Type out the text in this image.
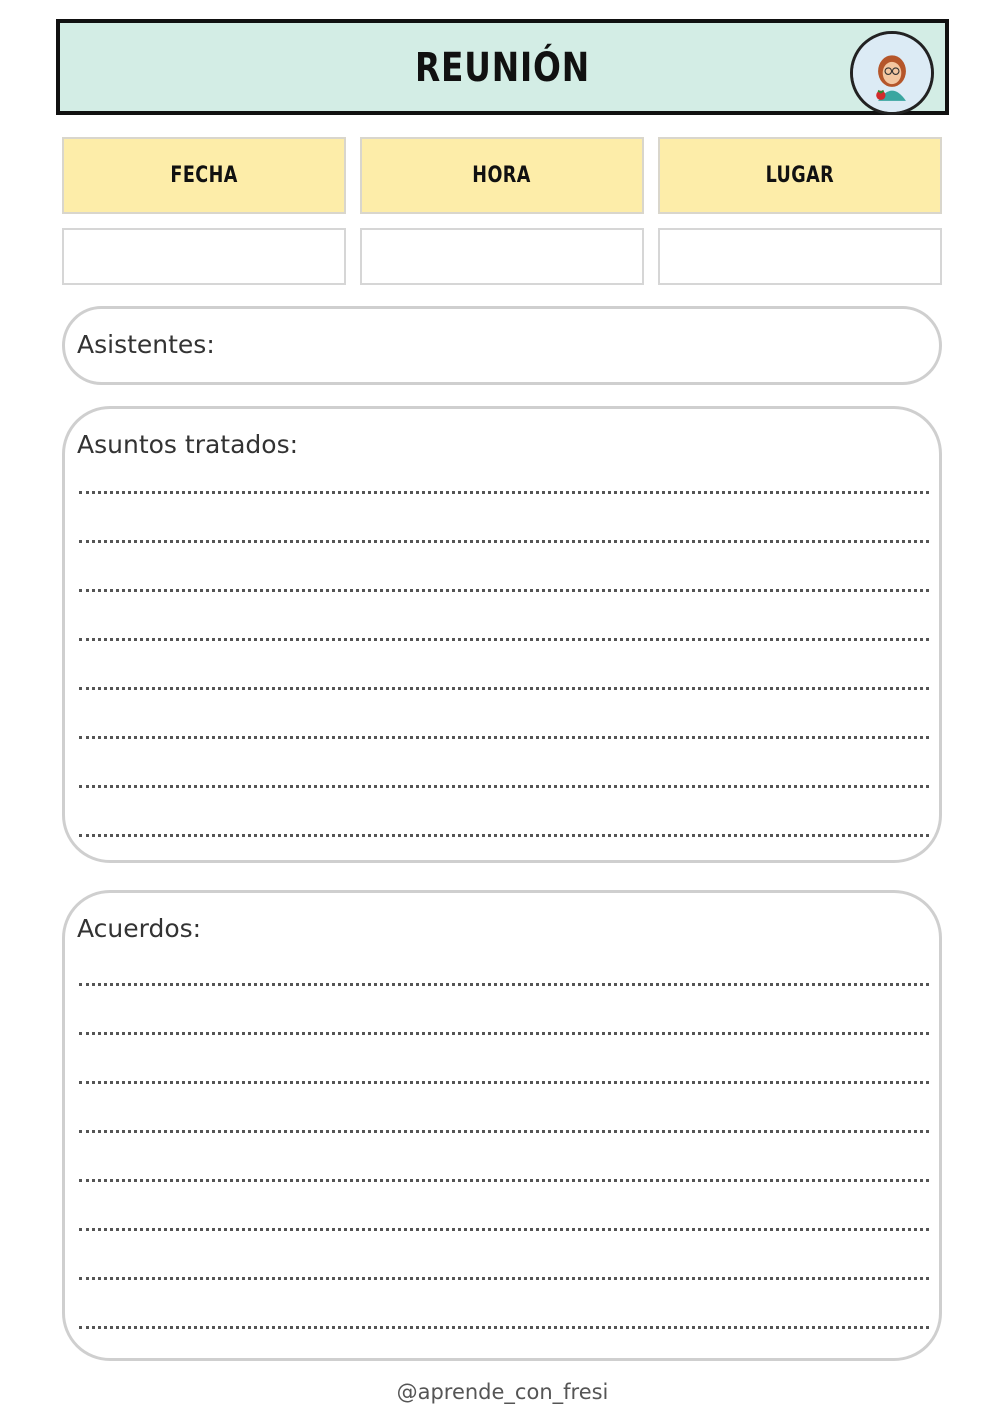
REUNIÓN
FECHA	HORA	LUGAR
Asistentes:
Asuntos tratados:
Acuerdos:
@aprende_con_fresi
